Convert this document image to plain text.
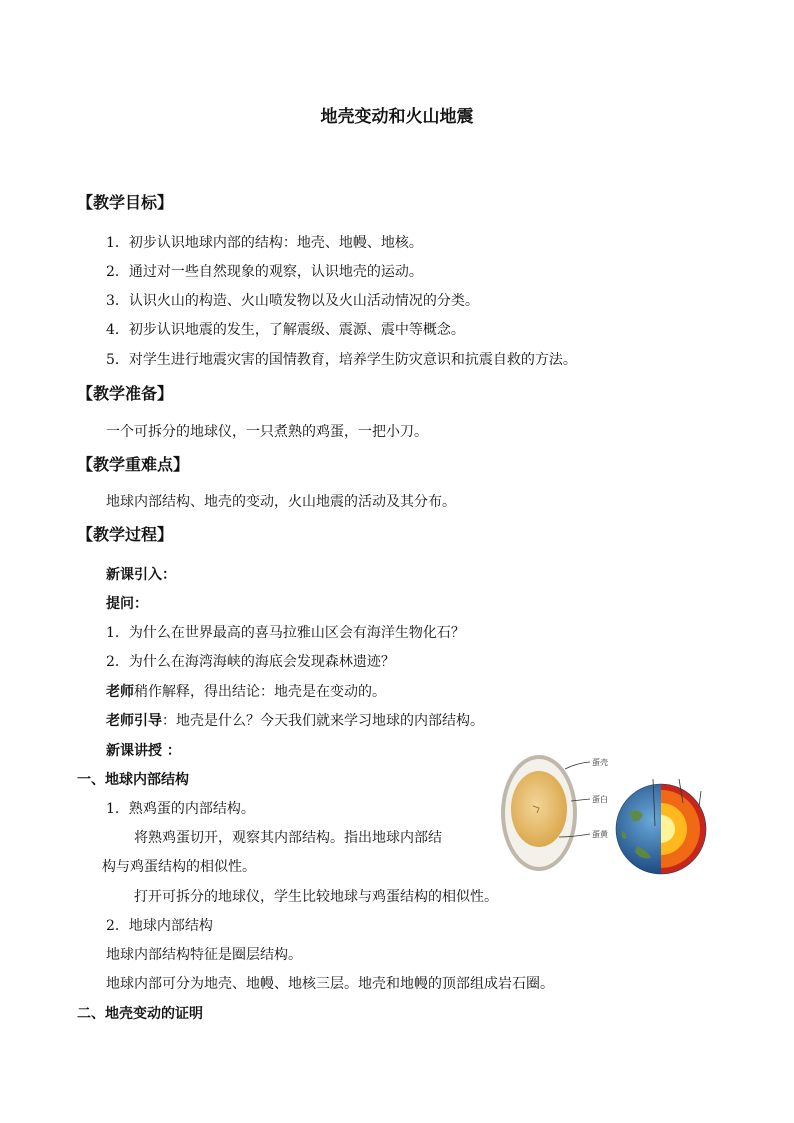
地壳变动和火山地震
【教学目标】
1．初步认识地球内部的结构：地壳、地幔、地核。
2．通过对一些自然现象的观察，认识地壳的运动。
3．认识火山的构造、火山喷发物以及火山活动情况的分类。
4．初步认识地震的发生，了解震级、震源、震中等概念。
5．对学生进行地震灾害的国情教育，培养学生防灾意识和抗震自救的方法。
【教学准备】
一个可拆分的地球仪，一只煮熟的鸡蛋，一把小刀。
【教学重难点】
地球内部结构、地壳的变动，火山地震的活动及其分布。
【教学过程】
新课引入：
提问：
1．为什么在世界最高的喜马拉雅山区会有海洋生物化石？
2．为什么在海湾海峡的海底会发现森林遗迹？
老师稍作解释，得出结论：地壳是在变动的。
老师引导：地壳是什么？今天我们就来学习地球的内部结构。
新课讲授 ：
一、地球内部结构
1．熟鸡蛋的内部结构。
将熟鸡蛋切开，观察其内部结构。指出地球内部结
构与鸡蛋结构的相似性。
打开可拆分的地球仪，学生比较地球与鸡蛋结构的相似性。
2．地球内部结构
地球内部结构特征是圈层结构。
地球内部可分为地壳、地幔、地核三层。地壳和地幔的顶部组成岩石圈。
二、地壳变动的证明
蛋壳
蛋白
蛋黄
